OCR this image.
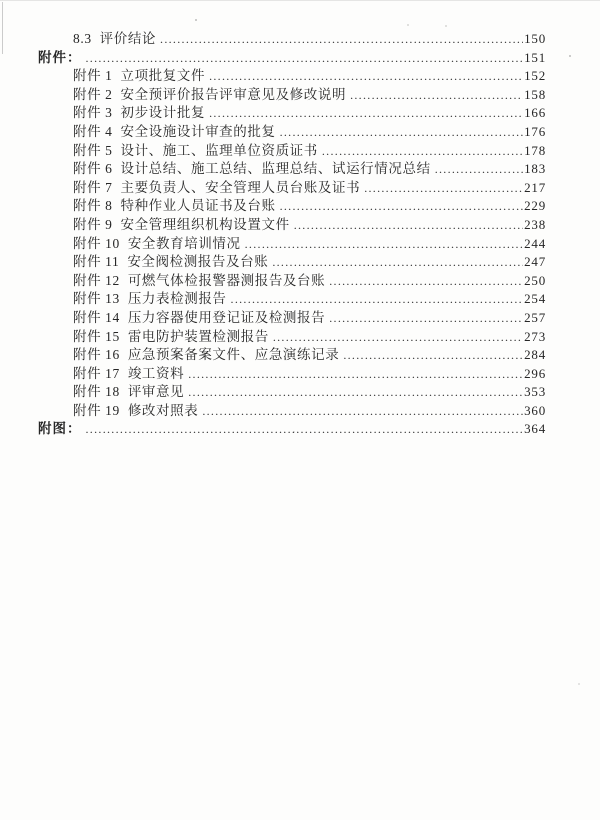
8.3  评价结论 .....	150
附件： .....	151
附件 1  立项批复文件 .....	152
附件 2  安全预评价报告评审意见及修改说明 .....	158
附件 3  初步设计批复 .....	166
附件 4  安全设施设计审查的批复 .....	176
附件 5  设计、施工、监理单位资质证书 .....	178
附件 6  设计总结、施工总结、监理总结、试运行情况总结 .....	183
附件 7  主要负责人、安全管理人员台账及证书 .....	217
附件 8  特种作业人员证书及台账 .....	229
附件 9  安全管理组织机构设置文件 .....	238
附件 10  安全教育培训情况 .....	244
附件 11  安全阀检测报告及台账 .....	247
附件 12  可燃气体检报警器测报告及台账 .....	250
附件 13  压力表检测报告 .....	254
附件 14  压力容器使用登记证及检测报告 .....	257
附件 15  雷电防护装置检测报告 .....	273
附件 16  应急预案备案文件、应急演练记录 .....	284
附件 17  竣工资料 .....	296
附件 18  评审意见 .....	353
附件 19  修改对照表 .....	360
附图： .....	364
